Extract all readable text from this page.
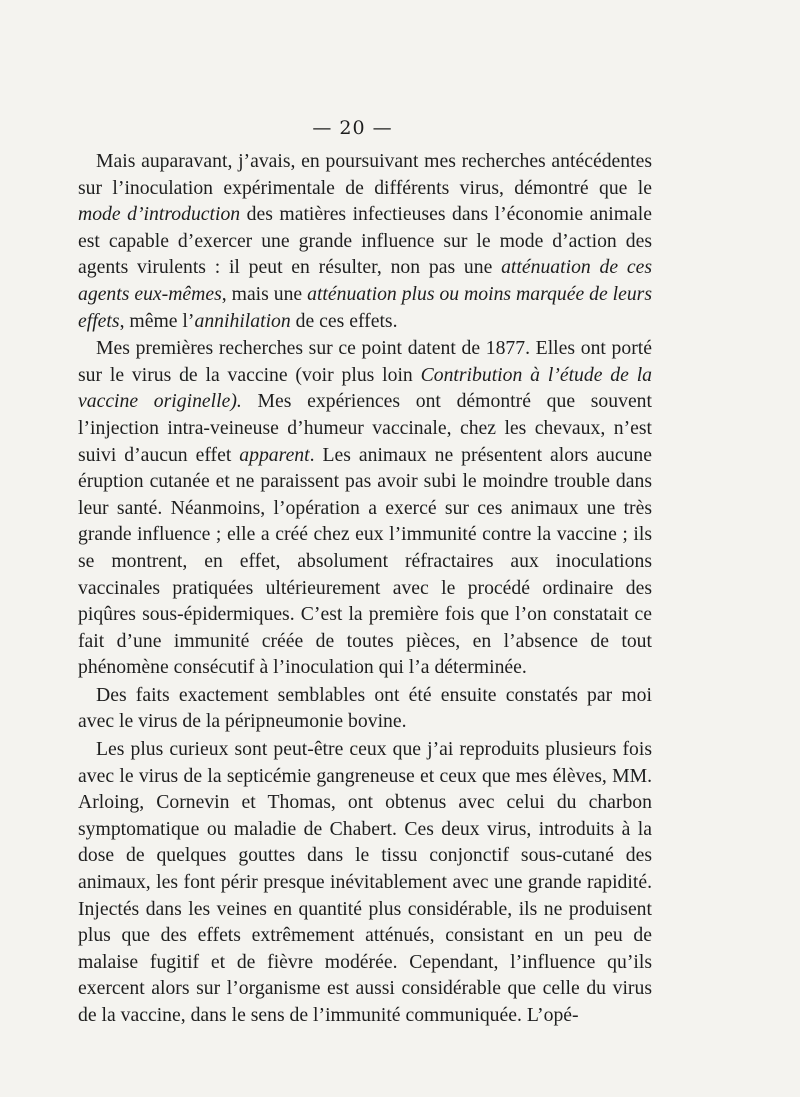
— 20 —

Mais auparavant, j’avais, en poursuivant mes recherches antécédentes sur l’inoculation expérimentale de différents virus, démontré que le mode d’introduction des matières infectieuses dans l’économie animale est capable d’exercer une grande influence sur le mode d’action des agents virulents : il peut en résulter, non pas une atténuation de ces agents eux-mêmes, mais une atténuation plus ou moins marquée de leurs effets, même l’annihilation de ces effets.

Mes premières recherches sur ce point datent de 1877. Elles ont porté sur le virus de la vaccine (voir plus loin Contribution à l’étude de la vaccine originelle). Mes expériences ont démontré que souvent l’injection intra-veineuse d’humeur vaccinale, chez les chevaux, n’est suivi d’aucun effet apparent. Les animaux ne présentent alors aucune éruption cutanée et ne paraissent pas avoir subi le moindre trouble dans leur santé. Néanmoins, l’opération a exercé sur ces animaux une très grande influence ; elle a créé chez eux l’immunité contre la vaccine ; ils se montrent, en effet, absolument réfractaires aux inoculations vaccinales pratiquées ultérieurement avec le procédé ordinaire des piqûres sous-épidermiques. C’est la première fois que l’on constatait ce fait d’une immunité créée de toutes pièces, en l’absence de tout phénomène consécutif à l’inoculation qui l’a déterminée.

Des faits exactement semblables ont été ensuite constatés par moi avec le virus de la péripneumonie bovine.

Les plus curieux sont peut-être ceux que j’ai reproduits plusieurs fois avec le virus de la septicémie gangreneuse et ceux que mes élèves, MM. Arloing, Cornevin et Thomas, ont obtenus avec celui du charbon symptomatique ou maladie de Chabert. Ces deux virus, introduits à la dose de quelques gouttes dans le tissu conjonctif sous-cutané des animaux, les font périr presque inévitablement avec une grande rapidité. Injectés dans les veines en quantité plus considérable, ils ne produisent plus que des effets extrêmement atténués, consistant en un peu de malaise fugitif et de fièvre modérée. Cependant, l’influence qu’ils exercent alors sur l’organisme est aussi considérable que celle du virus de la vaccine, dans le sens de l’immunité communiquée. L’opé-
